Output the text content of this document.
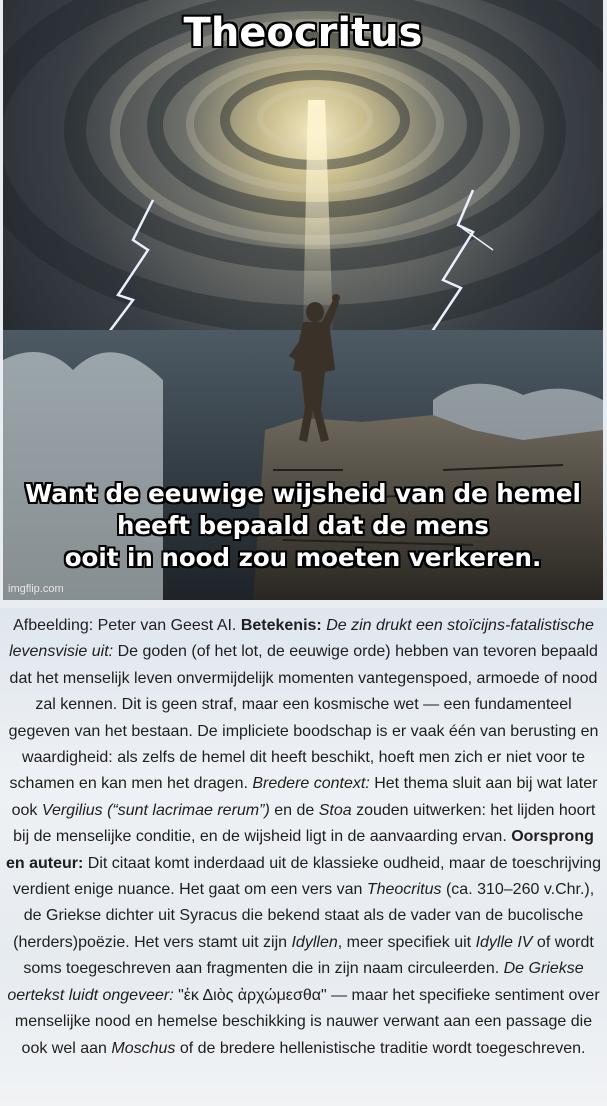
Theocritus
Want de eeuwige wijsheid van de hemel
heeft bepaald dat de mens
ooit in nood zou moeten verkeren.
imgflip.com

Afbeelding: Peter van Geest AI. Betekenis: De zin drukt een stoïcijns-fatalistische levensvisie uit: De goden (of het lot, de eeuwige orde) hebben van tevoren bepaald dat het menselijk leven onvermijdelijk momenten vantegenspoed, armoede of nood zal kennen. Dit is geen straf, maar een kosmische wet — een fundamenteel gegeven van het bestaan. De impliciete boodschap is er vaak één van berusting en waardigheid: als zelfs de hemel dit heeft beschikt, hoeft men zich er niet voor te schamen en kan men het dragen. Bredere context: Het thema sluit aan bij wat later ook Vergilius (“sunt lacrimae rerum”) en de Stoa zouden uitwerken: het lijden hoort bij de menselijke conditie, en de wijsheid ligt in de aanvaarding ervan. Oorsprong en auteur: Dit citaat komt inderdaad uit de klassieke oudheid, maar de toeschrijving verdient enige nuance. Het gaat om een vers van Theocritus (ca. 310–260 v.Chr.), de Griekse dichter uit Syracus die bekend staat als de vader van de bucolische (herders)poëzie. Het vers stamt uit zijn Idyllen, meer specifiek uit Idylle IV of wordt soms toegeschreven aan fragmenten die in zijn naam circuleerden. De Griekse oertekst luidt ongeveer: "ἐκ Διὸς ἀρχώμεσθα" — maar het specifieke sentiment over menselijke nood en hemelse beschikking is nauwer verwant aan een passage die ook wel aan Moschus of de bredere hellenistische traditie wordt toegeschreven.
